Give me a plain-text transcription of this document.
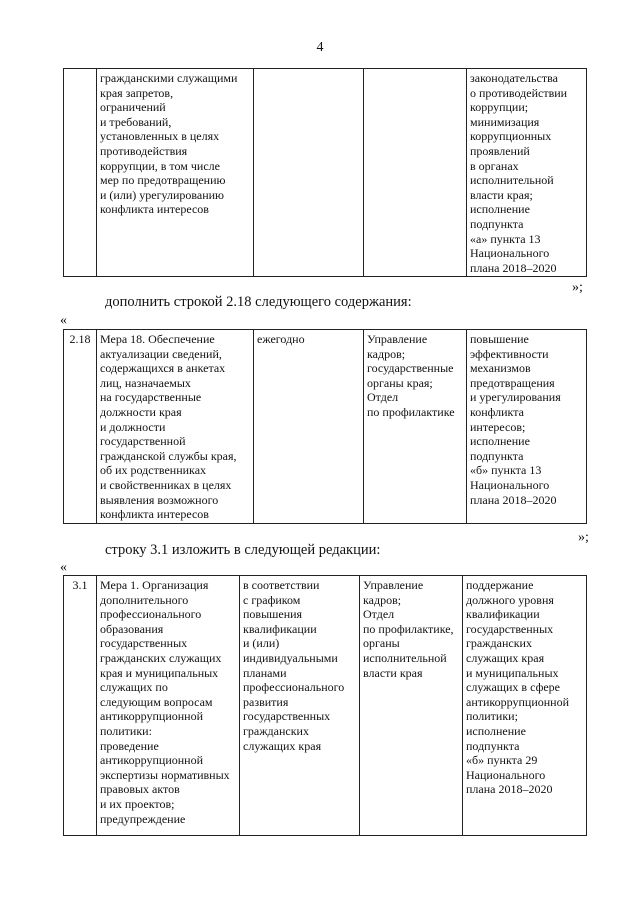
4
	гражданскими служащими
края запретов,
ограничений
и требований,
установленных в целях
противодействия
коррупции, в том числе
мер по предотвращению
и (или) урегулированию
конфликта интересов			законодательства
о противодействии
коррупции;
минимизация
коррупционных
проявлений
в органах
исполнительной
власти края;
исполнение
подпункта
«а» пункта 13
Национального
плана 2018–2020
»;
дополнить строкой 2.18 следующего содержания:
«
2.18	Мера 18. Обеспечение
актуализации сведений,
содержащихся в анкетах
лиц, назначаемых
на государственные
должности края
и должности
государственной
гражданской службы края,
об их родственниках
и свойственниках в целях
выявления возможного
конфликта интересов	ежегодно	Управление
кадров;
государственные
органы края;
Отдел
по профилактике	повышение
эффективности
механизмов
предотвращения
и урегулирования
конфликта
интересов;
исполнение
подпункта
«б» пункта 13
Национального
плана 2018–2020
»;
строку 3.1 изложить в следующей редакции:
«
3.1	Мера 1. Организация
дополнительного
профессионального
образования
государственных
гражданских служащих
края и муниципальных
служащих по
следующим вопросам
антикоррупционной
политики:
проведение
антикоррупционной
экспертизы нормативных
правовых актов
и их проектов;
предупреждение	в соответствии
с графиком
повышения
квалификации
и (или)
индивидуальными
планами
профессионального
развития
государственных
гражданских
служащих края	Управление
кадров;
Отдел
по профилактике,
органы
исполнительной
власти края	поддержание
должного уровня
квалификации
государственных
гражданских
служащих края
и муниципальных
служащих в сфере
антикоррупционной
политики;
исполнение
подпункта
«б» пункта 29
Национального
плана 2018–2020
